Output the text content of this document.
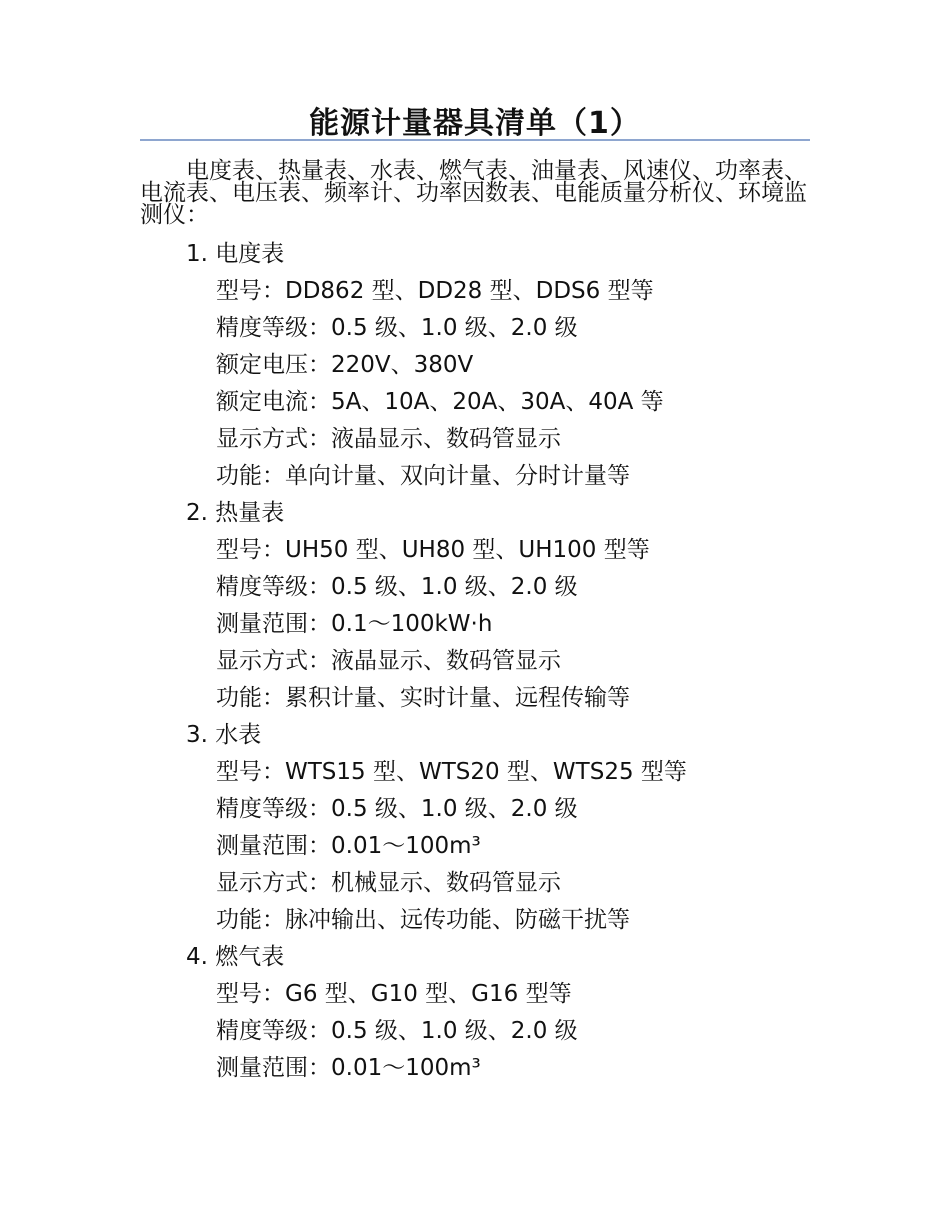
能源计量器具清单（1）
电度表、热量表、水表、燃气表、油量表、风速仪、功率表、电流表、电压表、频率计、功率因数表、电能质量分析仪、环境监测仪：
1. 电度表
型号：DD862 型、DD28 型、DDS6 型等
精度等级：0.5 级、1.0 级、2.0 级
额定电压：220V、380V
额定电流：5A、10A、20A、30A、40A 等
显示方式：液晶显示、数码管显示
功能：单向计量、双向计量、分时计量等
2. 热量表
型号：UH50 型、UH80 型、UH100 型等
精度等级：0.5 级、1.0 级、2.0 级
测量范围：0.1～100kW·h
显示方式：液晶显示、数码管显示
功能：累积计量、实时计量、远程传输等
3. 水表
型号：WTS15 型、WTS20 型、WTS25 型等
精度等级：0.5 级、1.0 级、2.0 级
测量范围：0.01～100m³
显示方式：机械显示、数码管显示
功能：脉冲输出、远传功能、防磁干扰等
4. 燃气表
型号：G6 型、G10 型、G16 型等
精度等级：0.5 级、1.0 级、2.0 级
测量范围：0.01～100m³
